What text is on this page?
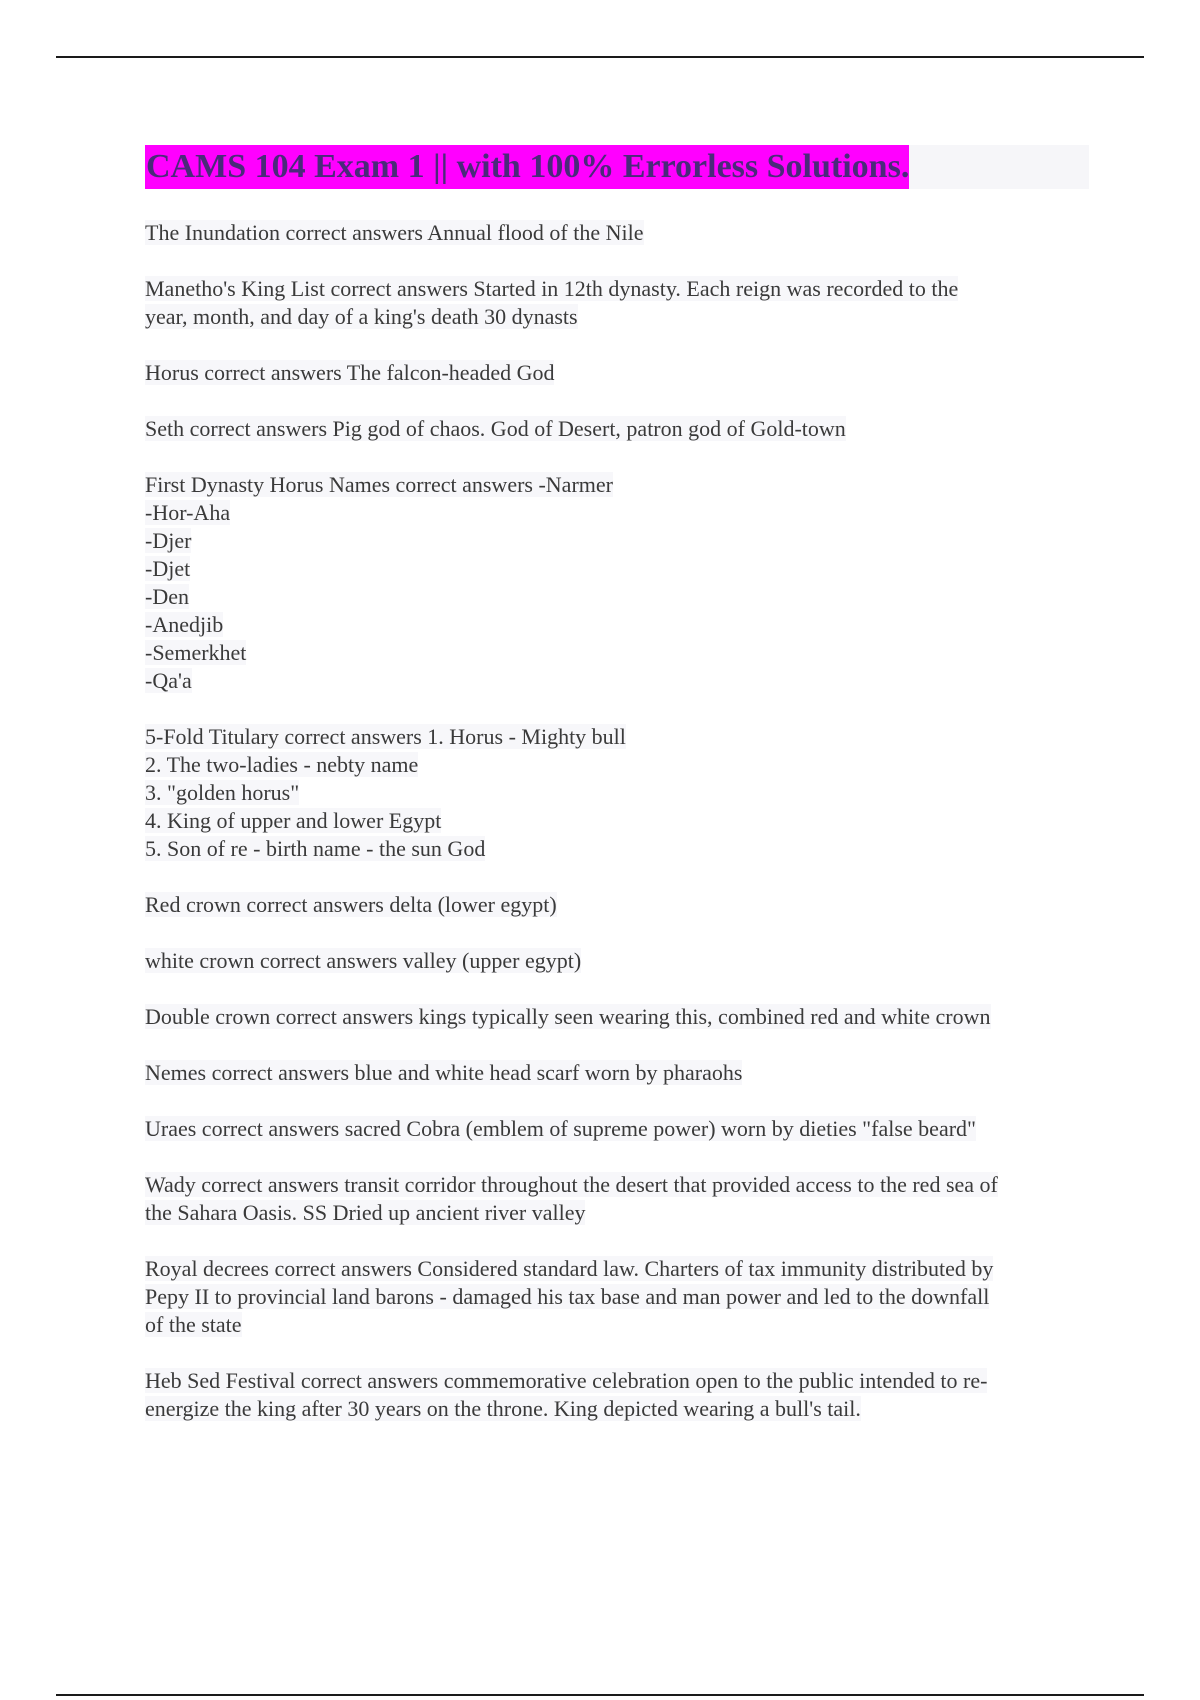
CAMS 104 Exam 1 || with 100% Errorless Solutions.
The Inundation correct answers Annual flood of the Nile
Manetho's King List correct answers Started in 12th dynasty. Each reign was recorded to the
year, month, and day of a king's death 30 dynasts
Horus correct answers The falcon-headed God
Seth correct answers Pig god of chaos. God of Desert, patron god of Gold-town
First Dynasty Horus Names correct answers -Narmer
-Hor-Aha
-Djer
-Djet
-Den
-Anedjib
-Semerkhet
-Qa'a
5-Fold Titulary correct answers 1. Horus - Mighty bull
2. The two-ladies - nebty name
3. "golden horus"
4. King of upper and lower Egypt
5. Son of re - birth name - the sun God
Red crown correct answers delta (lower egypt)
white crown correct answers valley (upper egypt)
Double crown correct answers kings typically seen wearing this, combined red and white crown
Nemes correct answers blue and white head scarf worn by pharaohs
Uraes correct answers sacred Cobra (emblem of supreme power) worn by dieties "false beard"
Wady correct answers transit corridor throughout the desert that provided access to the red sea of
the Sahara Oasis. SS Dried up ancient river valley
Royal decrees correct answers Considered standard law. Charters of tax immunity distributed by
Pepy II to provincial land barons - damaged his tax base and man power and led to the downfall
of the state
Heb Sed Festival correct answers commemorative celebration open to the public intended to re-
energize the king after 30 years on the throne. King depicted wearing a bull's tail.
